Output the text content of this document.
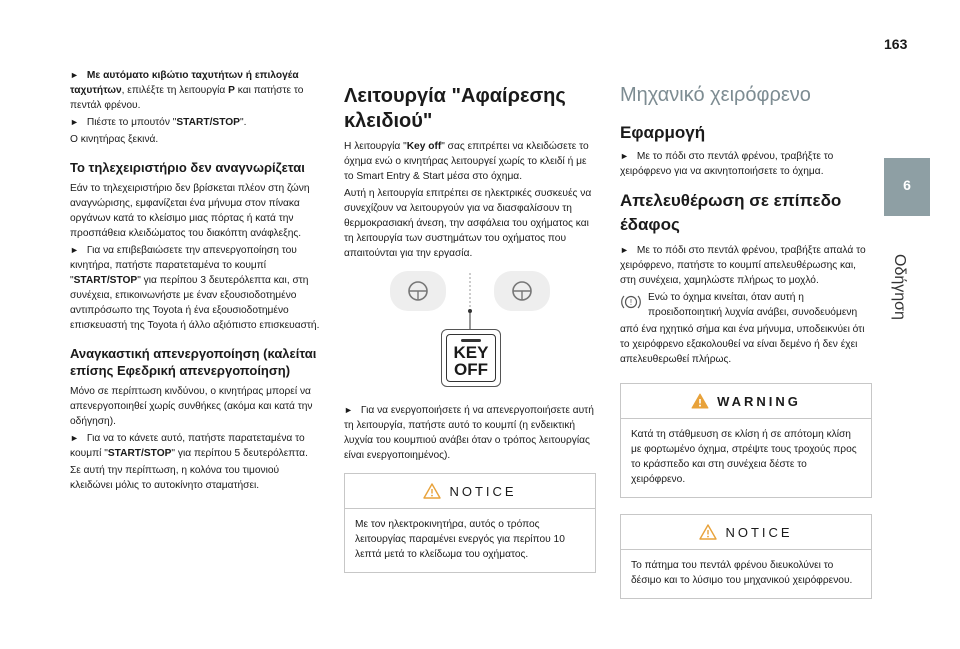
163
6
Οδήγηση

► Με αυτόματο κιβώτιο ταχυτήτων ή επιλογέα ταχυτήτων, επιλέξτε τη λειτουργία P και πατήστε το πεντάλ φρένου.

► Πιέστε το μπουτόν "START/STOP".

Ο κινητήρας ξεκινά.

Το τηλεχειριστήριο δεν αναγνωρίζεται

Εάν το τηλεχειριστήριο δεν βρίσκεται πλέον στη ζώνη αναγνώρισης, εμφανίζεται ένα μήνυμα στον πίνακα οργάνων κατά το κλείσιμο μιας πόρτας ή κατά την προσπάθεια κλειδώματος του διακόπτη ανάφλεξης.

► Για να επιβεβαιώσετε την απενεργοποίηση του κινητήρα, πατήστε παρατεταμένα το κουμπί "START/STOP" για περίπου 3 δευτερόλεπτα και, στη συνέχεια, επικοινωνήστε με έναν εξουσιοδοτημένο αντιπρόσωπο της Toyota ή ένα εξουσιοδοτημένο επισκευαστή της Toyota ή άλλο αξιόπιστο επισκευαστή.

Αναγκαστική απενεργοποίηση (καλείται επίσης Εφεδρική απενεργοποίηση)

Μόνο σε περίπτωση κινδύνου, ο κινητήρας μπορεί να απενεργοποιηθεί χωρίς συνθήκες (ακόμα και κατά την οδήγηση).

► Για να το κάνετε αυτό, πατήστε παρατεταμένα το κουμπί "START/STOP" για περίπου 5 δευτερόλεπτα.

Σε αυτή την περίπτωση, η κολόνα του τιμονιού κλειδώνει μόλις το αυτοκίνητο σταματήσει.

Λειτουργία "Αφαίρεσης κλειδιού"

Η λειτουργία "Key off" σας επιτρέπει να κλειδώσετε το όχημα ενώ ο κινητήρας λειτουργεί χωρίς το κλειδί ή με το Smart Entry & Start μέσα στο όχημα.

Αυτή η λειτουργία επιτρέπει σε ηλεκτρικές συσκευές να συνεχίζουν να λειτουργούν για να διασφαλίσουν τη θερμοκρασιακή άνεση, την ασφάλεια του οχήματος και τη λειτουργία των συστημάτων του οχήματος που απαιτούνται για την εργασία.

KEY
OFF

► Για να ενεργοποιήσετε ή να απενεργοποιήσετε αυτή τη λειτουργία, πατήστε αυτό το κουμπί (η ενδεικτική λυχνία του κουμπιού ανάβει όταν ο τρόπος λειτουργίας είναι ενεργοποιημένος).

NOTICE
Με τον ηλεκτροκινητήρα, αυτός ο τρόπος λειτουργίας παραμένει ενεργός για περίπου 10 λεπτά μετά το κλείδωμα του οχήματος.
Μηχανικό χειρόφρενο
Εφαρμογή

► Με το πόδι στο πεντάλ φρένου, τραβήξτε το χειρόφρενο για να ακινητοποιήσετε το όχημα.

Απελευθέρωση σε επίπεδο έδαφος

► Με το πόδι στο πεντάλ φρένου, τραβήξτε απαλά το χειρόφρενο, πατήστε το κουμπί απελευθέρωσης και, στη συνέχεια, χαμηλώστε πλήρως το μοχλό.

! Ενώ το όχημα κινείται, όταν αυτή η προειδοποιητική λυχνία ανάβει, συνοδευόμενη

από ένα ηχητικό σήμα και ένα μήνυμα, υποδεικνύει ότι το χειρόφρενο εξακολουθεί να είναι δεμένο ή δεν έχει απελευθερωθεί πλήρως.

WARNING
Κατά τη στάθμευση σε κλίση ή σε απότομη κλίση με φορτωμένο όχημα, στρέψτε τους τροχούς προς το κράσπεδο και στη συνέχεια δέστε το χειρόφρενο.
NOTICE
Το πάτημα του πεντάλ φρένου διευκολύνει το δέσιμο και το λύσιμο του μηχανικού χειρόφρενου.
